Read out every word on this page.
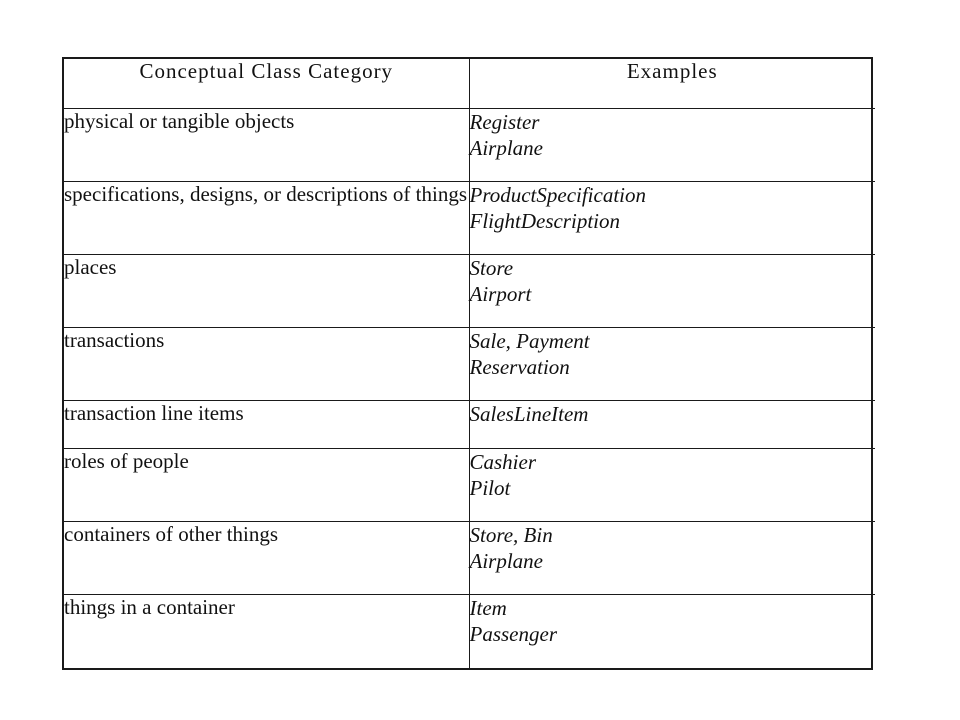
Conceptual Class Category	Examples
physical or tangible objects	Register
Airplane

specifications, designs, or descriptions of things	ProductSpecification
FlightDescription

places	Store
Airport

transactions	Sale, Payment
Reservation

transaction line items	SalesLineItem

roles of people	Cashier
Pilot

containers of other things	Store, Bin
Airplane

things in a container	Item
Passenger
